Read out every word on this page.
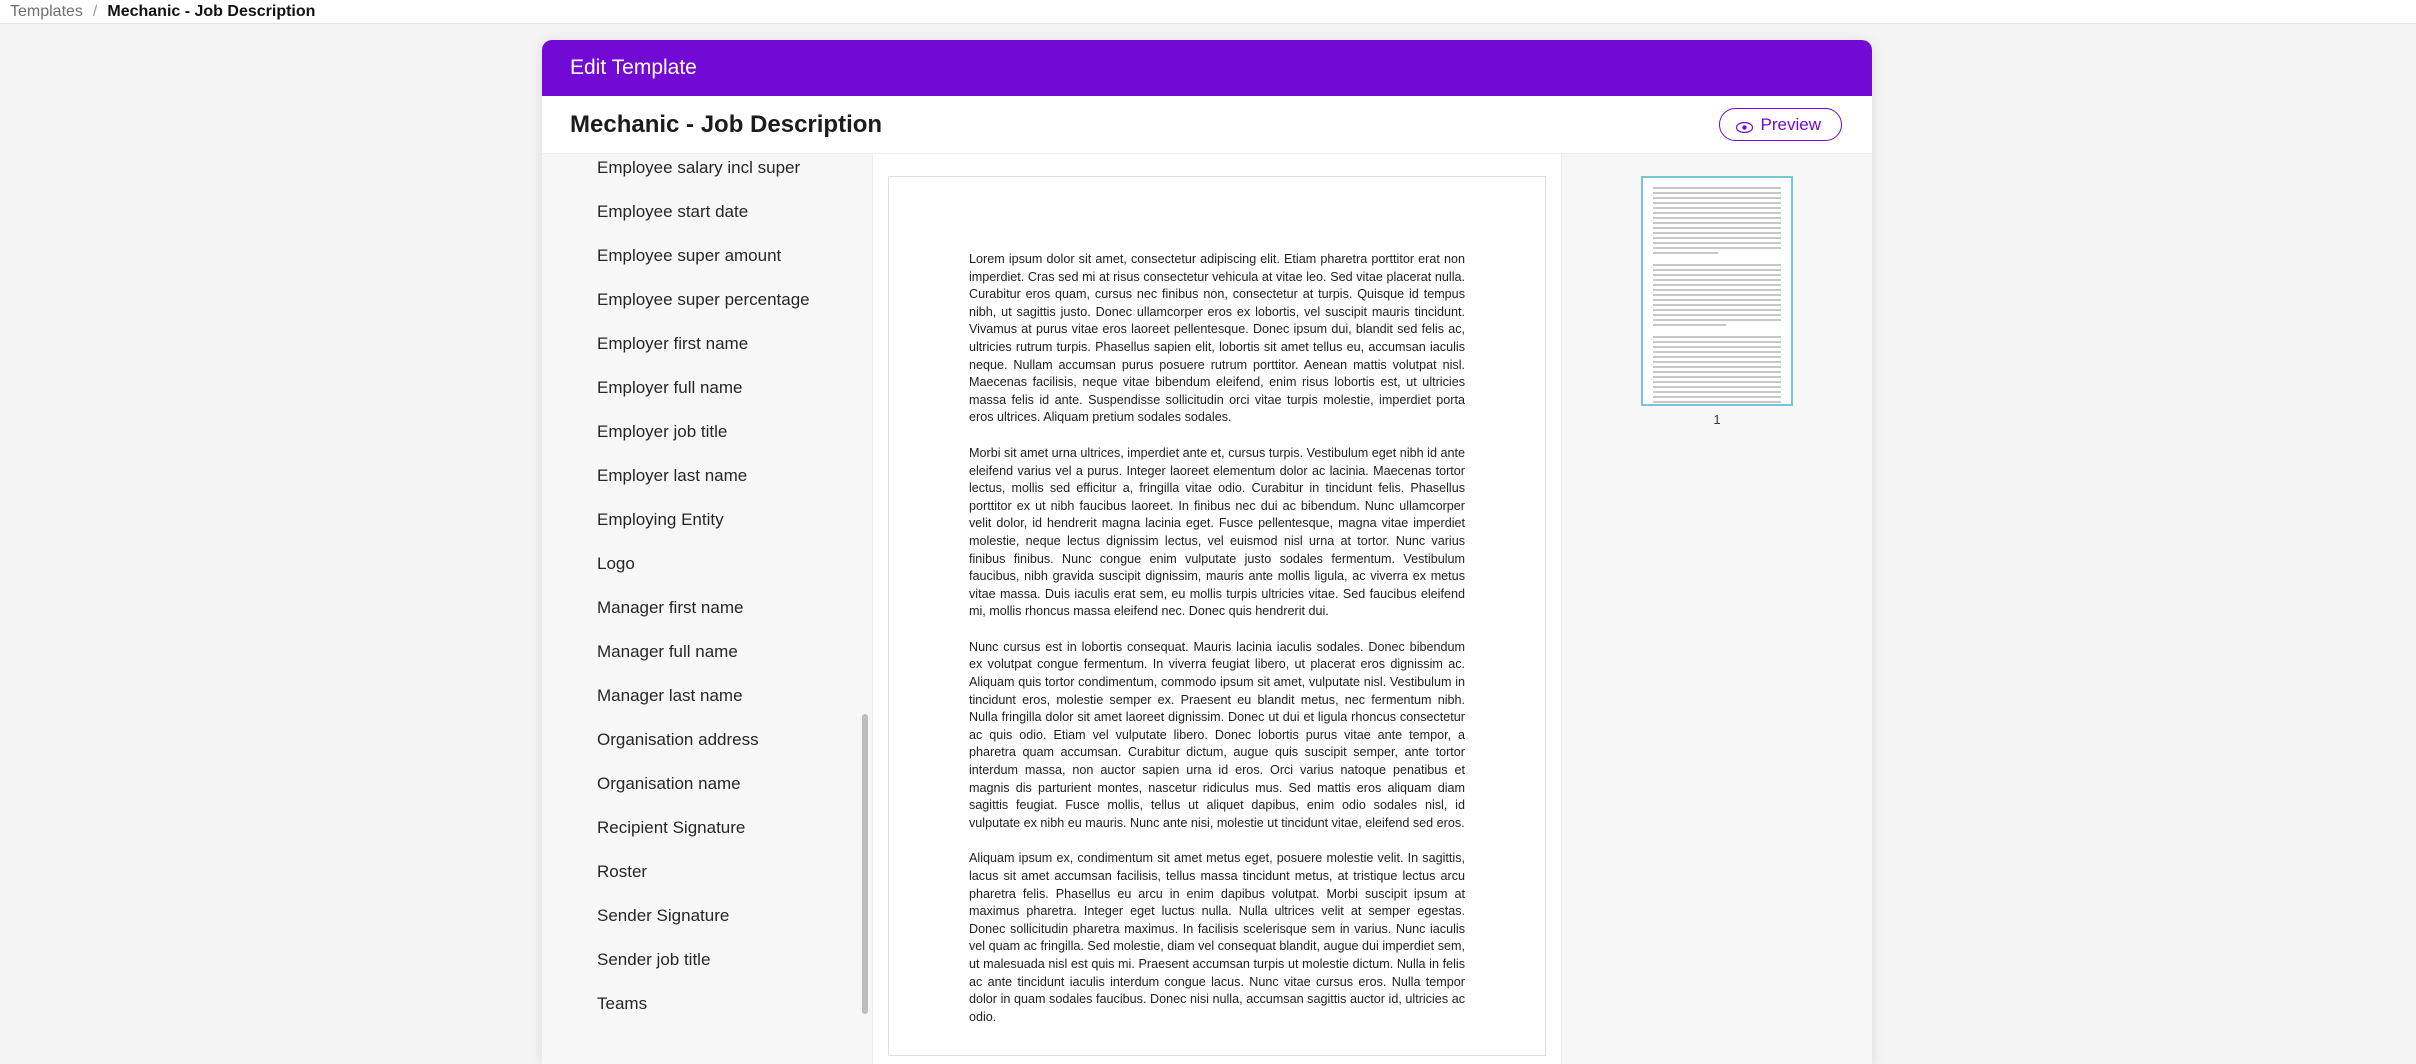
Templates / Mechanic - Job Description
Edit Template
Mechanic - Job Description	Preview
Employee salary incl super
Employee start date
Employee super amount
Employee super percentage
Employer first name
Employer full name
Employer job title
Employer last name
Employing Entity
Logo
Manager first name
Manager full name
Manager last name
Organisation address
Organisation name
Recipient Signature
Roster
Sender Signature
Sender job title
Teams

Lorem ipsum dolor sit amet, consectetur adipiscing elit. Etiam pharetra porttitor erat non imperdiet. Cras sed mi at risus consectetur vehicula at vitae leo. Sed vitae placerat nulla. Curabitur eros quam, cursus nec finibus non, consectetur at turpis. Quisque id tempus nibh, ut sagittis justo. Donec ullamcorper eros ex lobortis, vel suscipit mauris tincidunt. Vivamus at purus vitae eros laoreet pellentesque. Donec ipsum dui, blandit sed felis ac, ultricies rutrum turpis. Phasellus sapien elit, lobortis sit amet tellus eu, accumsan iaculis neque. Nullam accumsan purus posuere rutrum porttitor. Aenean mattis volutpat nisl. Maecenas facilisis, neque vitae bibendum eleifend, enim risus lobortis est, ut ultricies massa felis id ante. Suspendisse sollicitudin orci vitae turpis molestie, imperdiet porta eros ultrices. Aliquam pretium sodales sodales.

Morbi sit amet urna ultrices, imperdiet ante et, cursus turpis. Vestibulum eget nibh id ante eleifend varius vel a purus. Integer laoreet elementum dolor ac lacinia. Maecenas tortor lectus, mollis sed efficitur a, fringilla vitae odio. Curabitur in tincidunt felis. Phasellus porttitor ex ut nibh faucibus laoreet. In finibus nec dui ac bibendum. Nunc ullamcorper velit dolor, id hendrerit magna lacinia eget. Fusce pellentesque, magna vitae imperdiet molestie, neque lectus dignissim lectus, vel euismod nisl urna at tortor. Nunc varius finibus finibus. Nunc congue enim vulputate justo sodales fermentum. Vestibulum faucibus, nibh gravida suscipit dignissim, mauris ante mollis ligula, ac viverra ex metus vitae massa. Duis iaculis erat sem, eu mollis turpis ultricies vitae. Sed faucibus eleifend mi, mollis rhoncus massa eleifend nec. Donec quis hendrerit dui.

Nunc cursus est in lobortis consequat. Mauris lacinia iaculis sodales. Donec bibendum ex volutpat congue fermentum. In viverra feugiat libero, ut placerat eros dignissim ac. Aliquam quis tortor condimentum, commodo ipsum sit amet, vulputate nisl. Vestibulum in tincidunt eros, molestie semper ex. Praesent eu blandit metus, nec fermentum nibh. Nulla fringilla dolor sit amet laoreet dignissim. Donec ut dui et ligula rhoncus consectetur ac quis odio. Etiam vel vulputate libero. Donec lobortis purus vitae ante tempor, a pharetra quam accumsan. Curabitur dictum, augue quis suscipit semper, ante tortor interdum massa, non auctor sapien urna id eros. Orci varius natoque penatibus et magnis dis parturient montes, nascetur ridiculus mus. Sed mattis eros aliquam diam sagittis feugiat. Fusce mollis, tellus ut aliquet dapibus, enim odio sodales nisl, id vulputate ex nibh eu mauris. Nunc ante nisi, molestie ut tincidunt vitae, eleifend sed eros.

Aliquam ipsum ex, condimentum sit amet metus eget, posuere molestie velit. In sagittis, lacus sit amet accumsan facilisis, tellus massa tincidunt metus, at tristique lectus arcu pharetra felis. Phasellus eu arcu in enim dapibus volutpat. Morbi suscipit ipsum at maximus pharetra. Integer eget luctus nulla. Nulla ultrices velit at semper egestas. Donec sollicitudin pharetra maximus. In facilisis scelerisque sem in varius. Nunc iaculis vel quam ac fringilla. Sed molestie, diam vel consequat blandit, augue dui imperdiet sem, ut malesuada nisl est quis mi. Praesent accumsan turpis ut molestie dictum. Nulla in felis ac ante tincidunt iaculis interdum congue lacus. Nunc vitae cursus eros. Nulla tempor dolor in quam sodales faucibus. Donec nisi nulla, accumsan sagittis auctor id, ultricies ac odio.

1
